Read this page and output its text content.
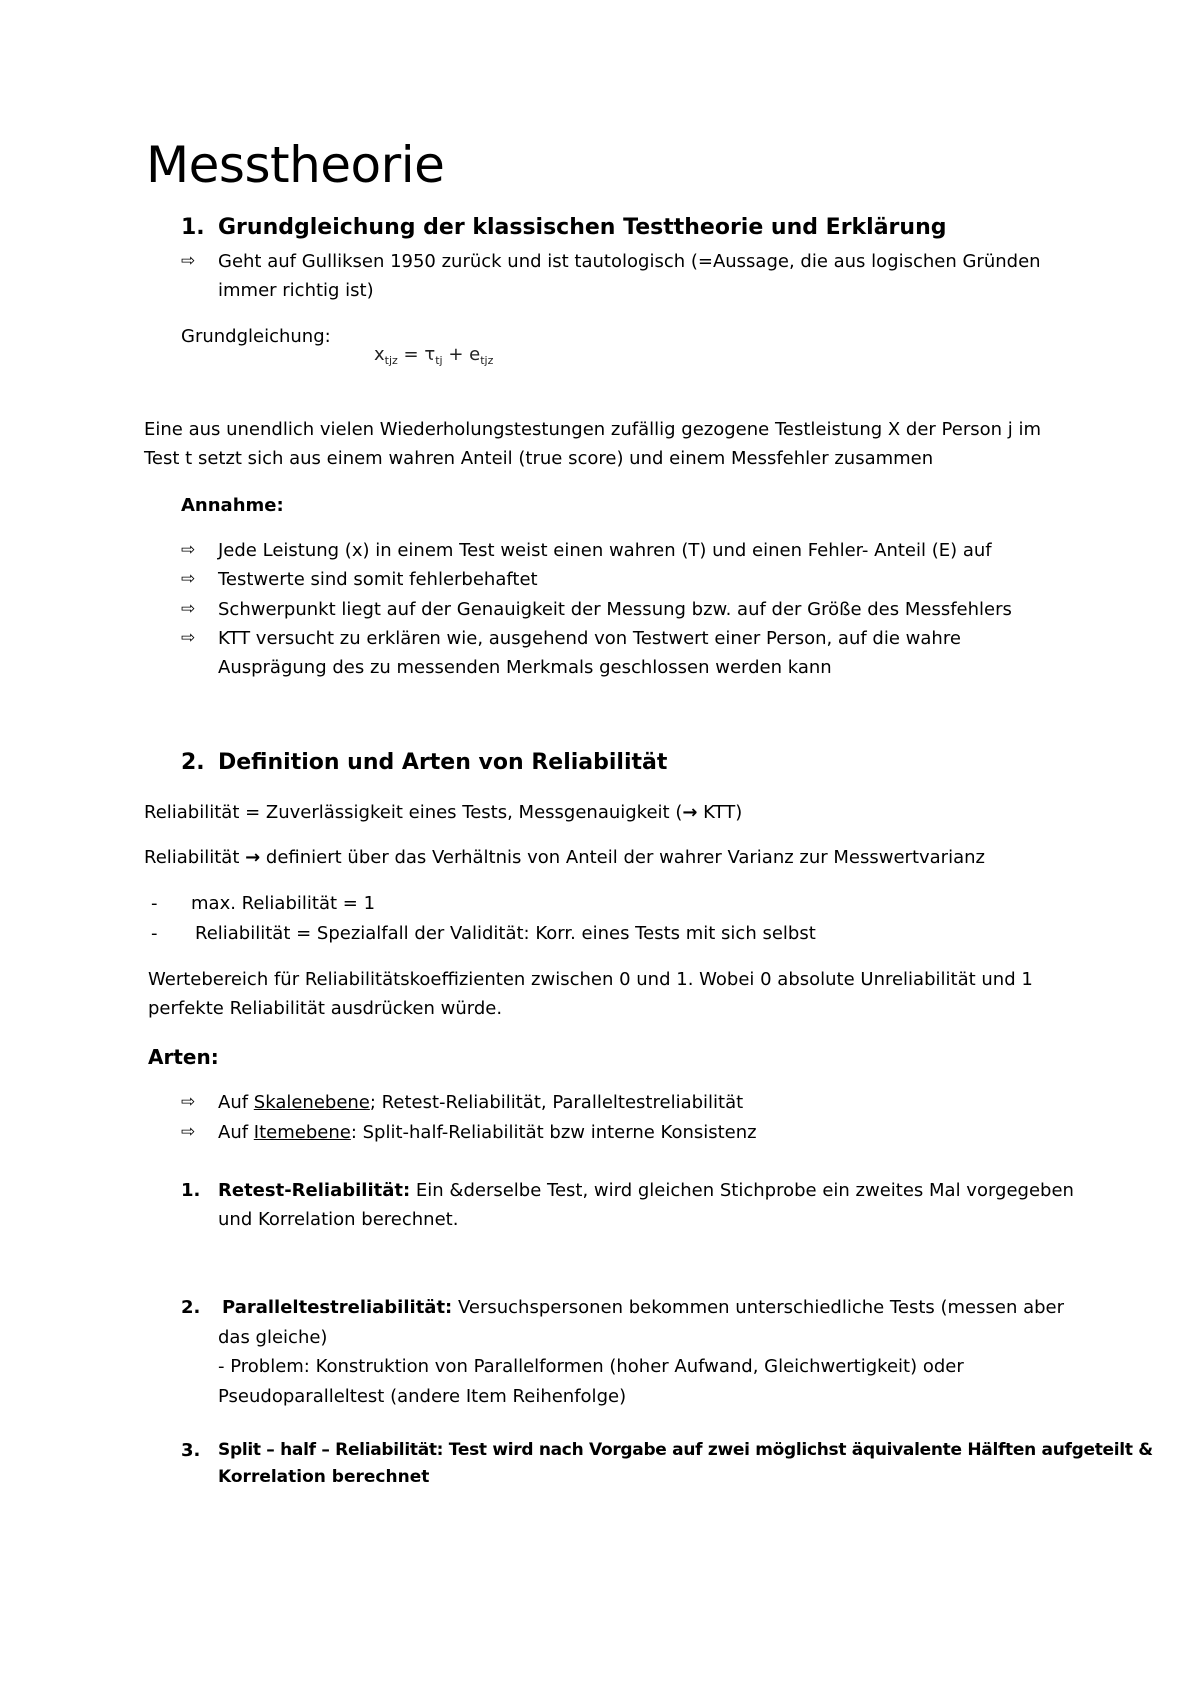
Messtheorie
1. Grundgleichung der klassischen Testtheorie und Erklärung
⇨ Geht auf Gulliksen 1950 zurück und ist tautologisch (=Aussage, die aus logischen Gründen
immer richtig ist)
Grundgleichung:
$x_{tjz} = \tau_{tj} + e_{tjz}$
Eine aus unendlich vielen Wiederholungstestungen zufällig gezogene Testleistung X der Person j im
Test t setzt sich aus einem wahren Anteil (true score) und einem Messfehler zusammen
Annahme:
⇨ Jede Leistung (x) in einem Test weist einen wahren (T) und einen Fehler- Anteil (E) auf
⇨ Testwerte sind somit fehlerbehaftet
⇨ Schwerpunkt liegt auf der Genauigkeit der Messung bzw. auf der Größe des Messfehlers
⇨ KTT versucht zu erklären wie, ausgehend von Testwert einer Person, auf die wahre
Ausprägung des zu messenden Merkmals geschlossen werden kann
2. Definition und Arten von Reliabilität
Reliabilität = Zuverlässigkeit eines Tests, Messgenauigkeit (→ KTT)
Reliabilität → definiert über das Verhältnis von Anteil der wahrer Varianz zur Messwertvarianz
- max. Reliabilität = 1
- Reliabilität = Spezialfall der Validität: Korr. eines Tests mit sich selbst
Wertebereich für Reliabilitätskoeffizienten zwischen 0 und 1. Wobei 0 absolute Unreliabilität und 1
perfekte Reliabilität ausdrücken würde.
Arten:
⇨ Auf Skalenebene; Retest-Reliabilität, Paralleltestreliabilität
⇨ Auf Itemebene: Split-half-Reliabilität bzw interne Konsistenz
1. Retest-Reliabilität: Ein &derselbe Test, wird gleichen Stichprobe ein zweites Mal vorgegeben
und Korrelation berechnet.
2. Paralleltestreliabilität: Versuchspersonen bekommen unterschiedliche Tests (messen aber
das gleiche)
- Problem: Konstruktion von Parallelformen (hoher Aufwand, Gleichwertigkeit) oder
Pseudoparalleltest (andere Item Reihenfolge)
3. Split – half – Reliabilität: Test wird nach Vorgabe auf zwei möglichst äquivalente Hälften aufgeteilt &
Korrelation berechnet
